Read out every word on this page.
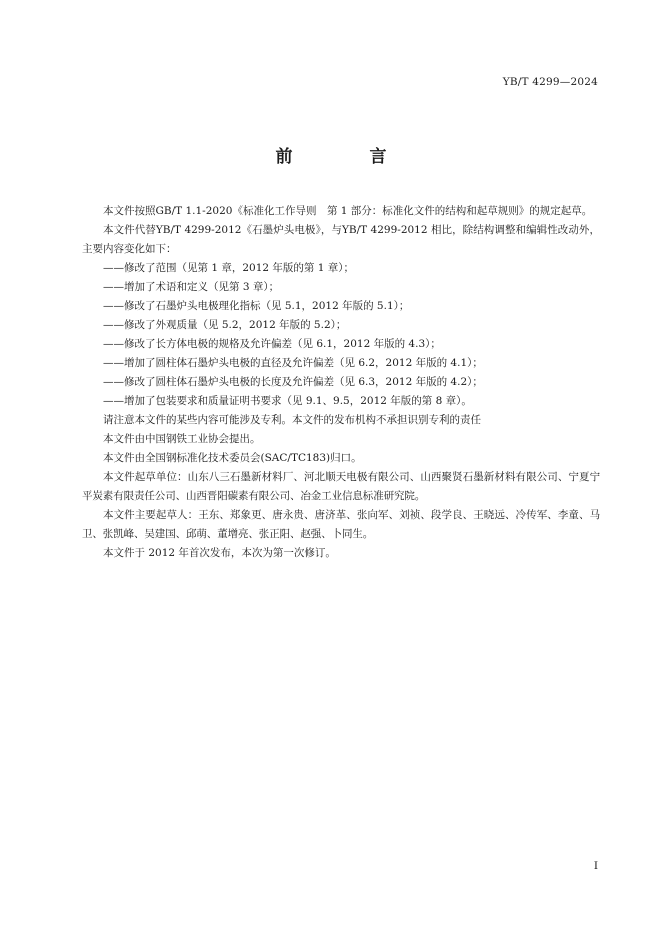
YB/T 4299—2024
前　言

本文件按照GB/T 1.1-2020《标准化工作导则　第 1 部分：标准化文件的结构和起草规则》的规定起草。

本文件代替YB/T 4299-2012《石墨炉头电极》，与YB/T 4299-2012 相比，除结构调整和编辑性改动外，主要内容变化如下：

——修改了范围（见第 1 章，2012 年版的第 1 章）；

——增加了术语和定义（见第 3 章）；

——修改了石墨炉头电极理化指标（见 5.1，2012 年版的 5.1）；

——修改了外观质量（见 5.2，2012 年版的 5.2）；

——修改了长方体电极的规格及允许偏差（见 6.1，2012 年版的 4.3）；

——增加了圆柱体石墨炉头电极的直径及允许偏差（见 6.2，2012 年版的 4.1）；

——修改了圆柱体石墨炉头电极的长度及允许偏差（见 6.3，2012 年版的 4.2）；

——增加了包装要求和质量证明书要求（见 9.1、9.5，2012 年版的第 8 章）。

请注意本文件的某些内容可能涉及专利。本文件的发布机构不承担识别专利的责任

本文件由中国钢铁工业协会提出。

本文件由全国钢标准化技术委员会(SAC/TC183)归口。

本文件起草单位：山东八三石墨新材料厂、河北顺天电极有限公司、山西聚贤石墨新材料有限公司、宁夏宁平炭素有限责任公司、山西晋阳碳素有限公司、冶金工业信息标准研究院。

本文件主要起草人：王东、郑象更、唐永贵、唐济革、张向军、刘祯、段学良、王晓远、冷传军、李童、马卫、张凯峰、吴建国、邱萌、董增亮、张正阳、赵强、卜同生。

本文件于 2012 年首次发布，本次为第一次修订。

I
